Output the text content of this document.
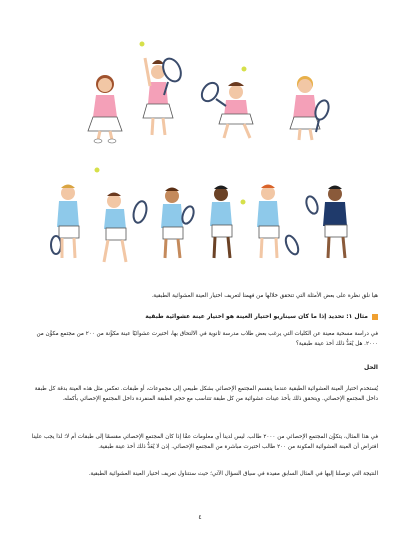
هيا نلق نظرة على بعض الأمثلة التي تتحقق خلالها من فهمنا لتعريف اختيار العينة العشوائية الطبقية.
مثال ١: تحديد إذا ما كان سيناريو اختيار العينة هو اختيار عينة عشوائية طبقية
في دراسة مسحية معينة عن الكليات التي يرغب بعض طلاب مدرسة ثانوية في الالتحاق بها، اختيرت عشوائيًا عينة مكوَّنة من ٢٠٠ من مجتمع مكوَّن من ٢٠٠٠. هل يُعَدُّ ذلك أخذ عينة طبقية؟
الحل
يُستخدم اختيار العينة العشوائية الطبقية عندما ينقسم المجتمع الإحصائي بشكل طبيعي إلى مجموعات، أو طبقات. تعكس مثل هذه العينة بدقة كل طبقة داخل المجتمع الإحصائي. ويتحقق ذلك بأخذ عينات عشوائية من كل طبقة تتناسب مع حجم الطبقة المنفردة داخل المجتمع الإحصائي بأكمله.
في هذا المثال، يتكوَّن المجتمع الإحصائي من ٢٠٠٠ طالب. ليس لدينا أي معلومات عمَّا إذا كان المجتمع الإحصائي مقسمًا إلى طبقات أم لا؛ لذا يجب علينا افتراض أن العينة العشوائية المكونة من ٢٠٠ طالب اختيرت مباشرة من المجتمع الإحصائي. إذن لا يُعَدُّ ذلك أخذ عينة طبقية.
النتيجة التي توصلنا إليها في المثال السابق مفيدة في سياق السؤال الآتي؛ حيث سنتناول تعريف اختيار العينة العشوائية الطبقية.
٤
